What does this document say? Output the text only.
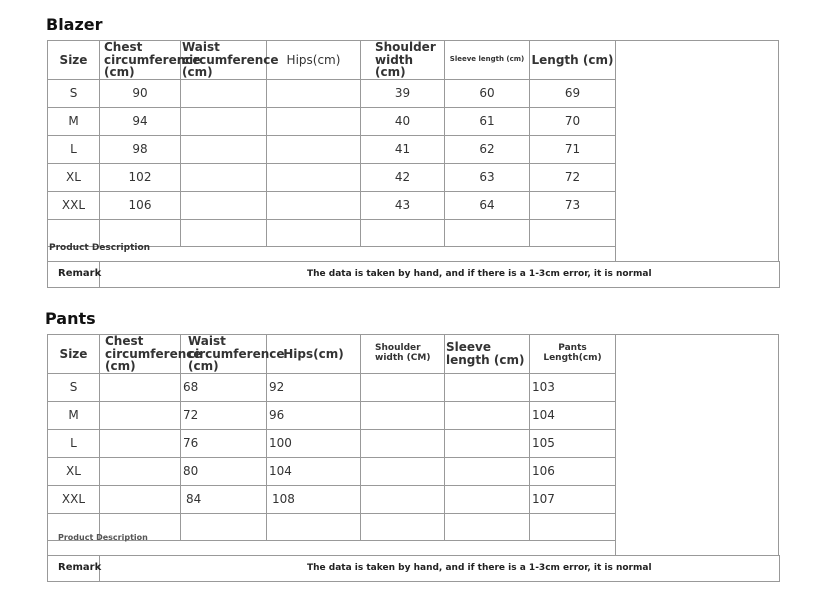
Blazer
Size	Chest circumference (cm)	Waist circumference (cm)	Hips(cm)	Shoulder width (cm)	Sleeve length (cm)	Length (cm)
S	90			39	60	69
M	94			40	61	70
L	98			41	62	71
XL	102			42	63	72
XXL	106			43	64	73

Product Description
Remark	The data is taken by hand, and if there is a 1-3cm error, it is normal
Pants
Size	Chest circumference (cm)	Waist circumference (cm)	Hips(cm)	Shoulder width (CM)	Sleeve length (cm)	Pants Length(cm)
S		68	92			103
M		72	96			104
L		76	100			105
XL		80	104			106
XXL		84	108			107

Product Description
Remark	The data is taken by hand, and if there is a 1-3cm error, it is normal
